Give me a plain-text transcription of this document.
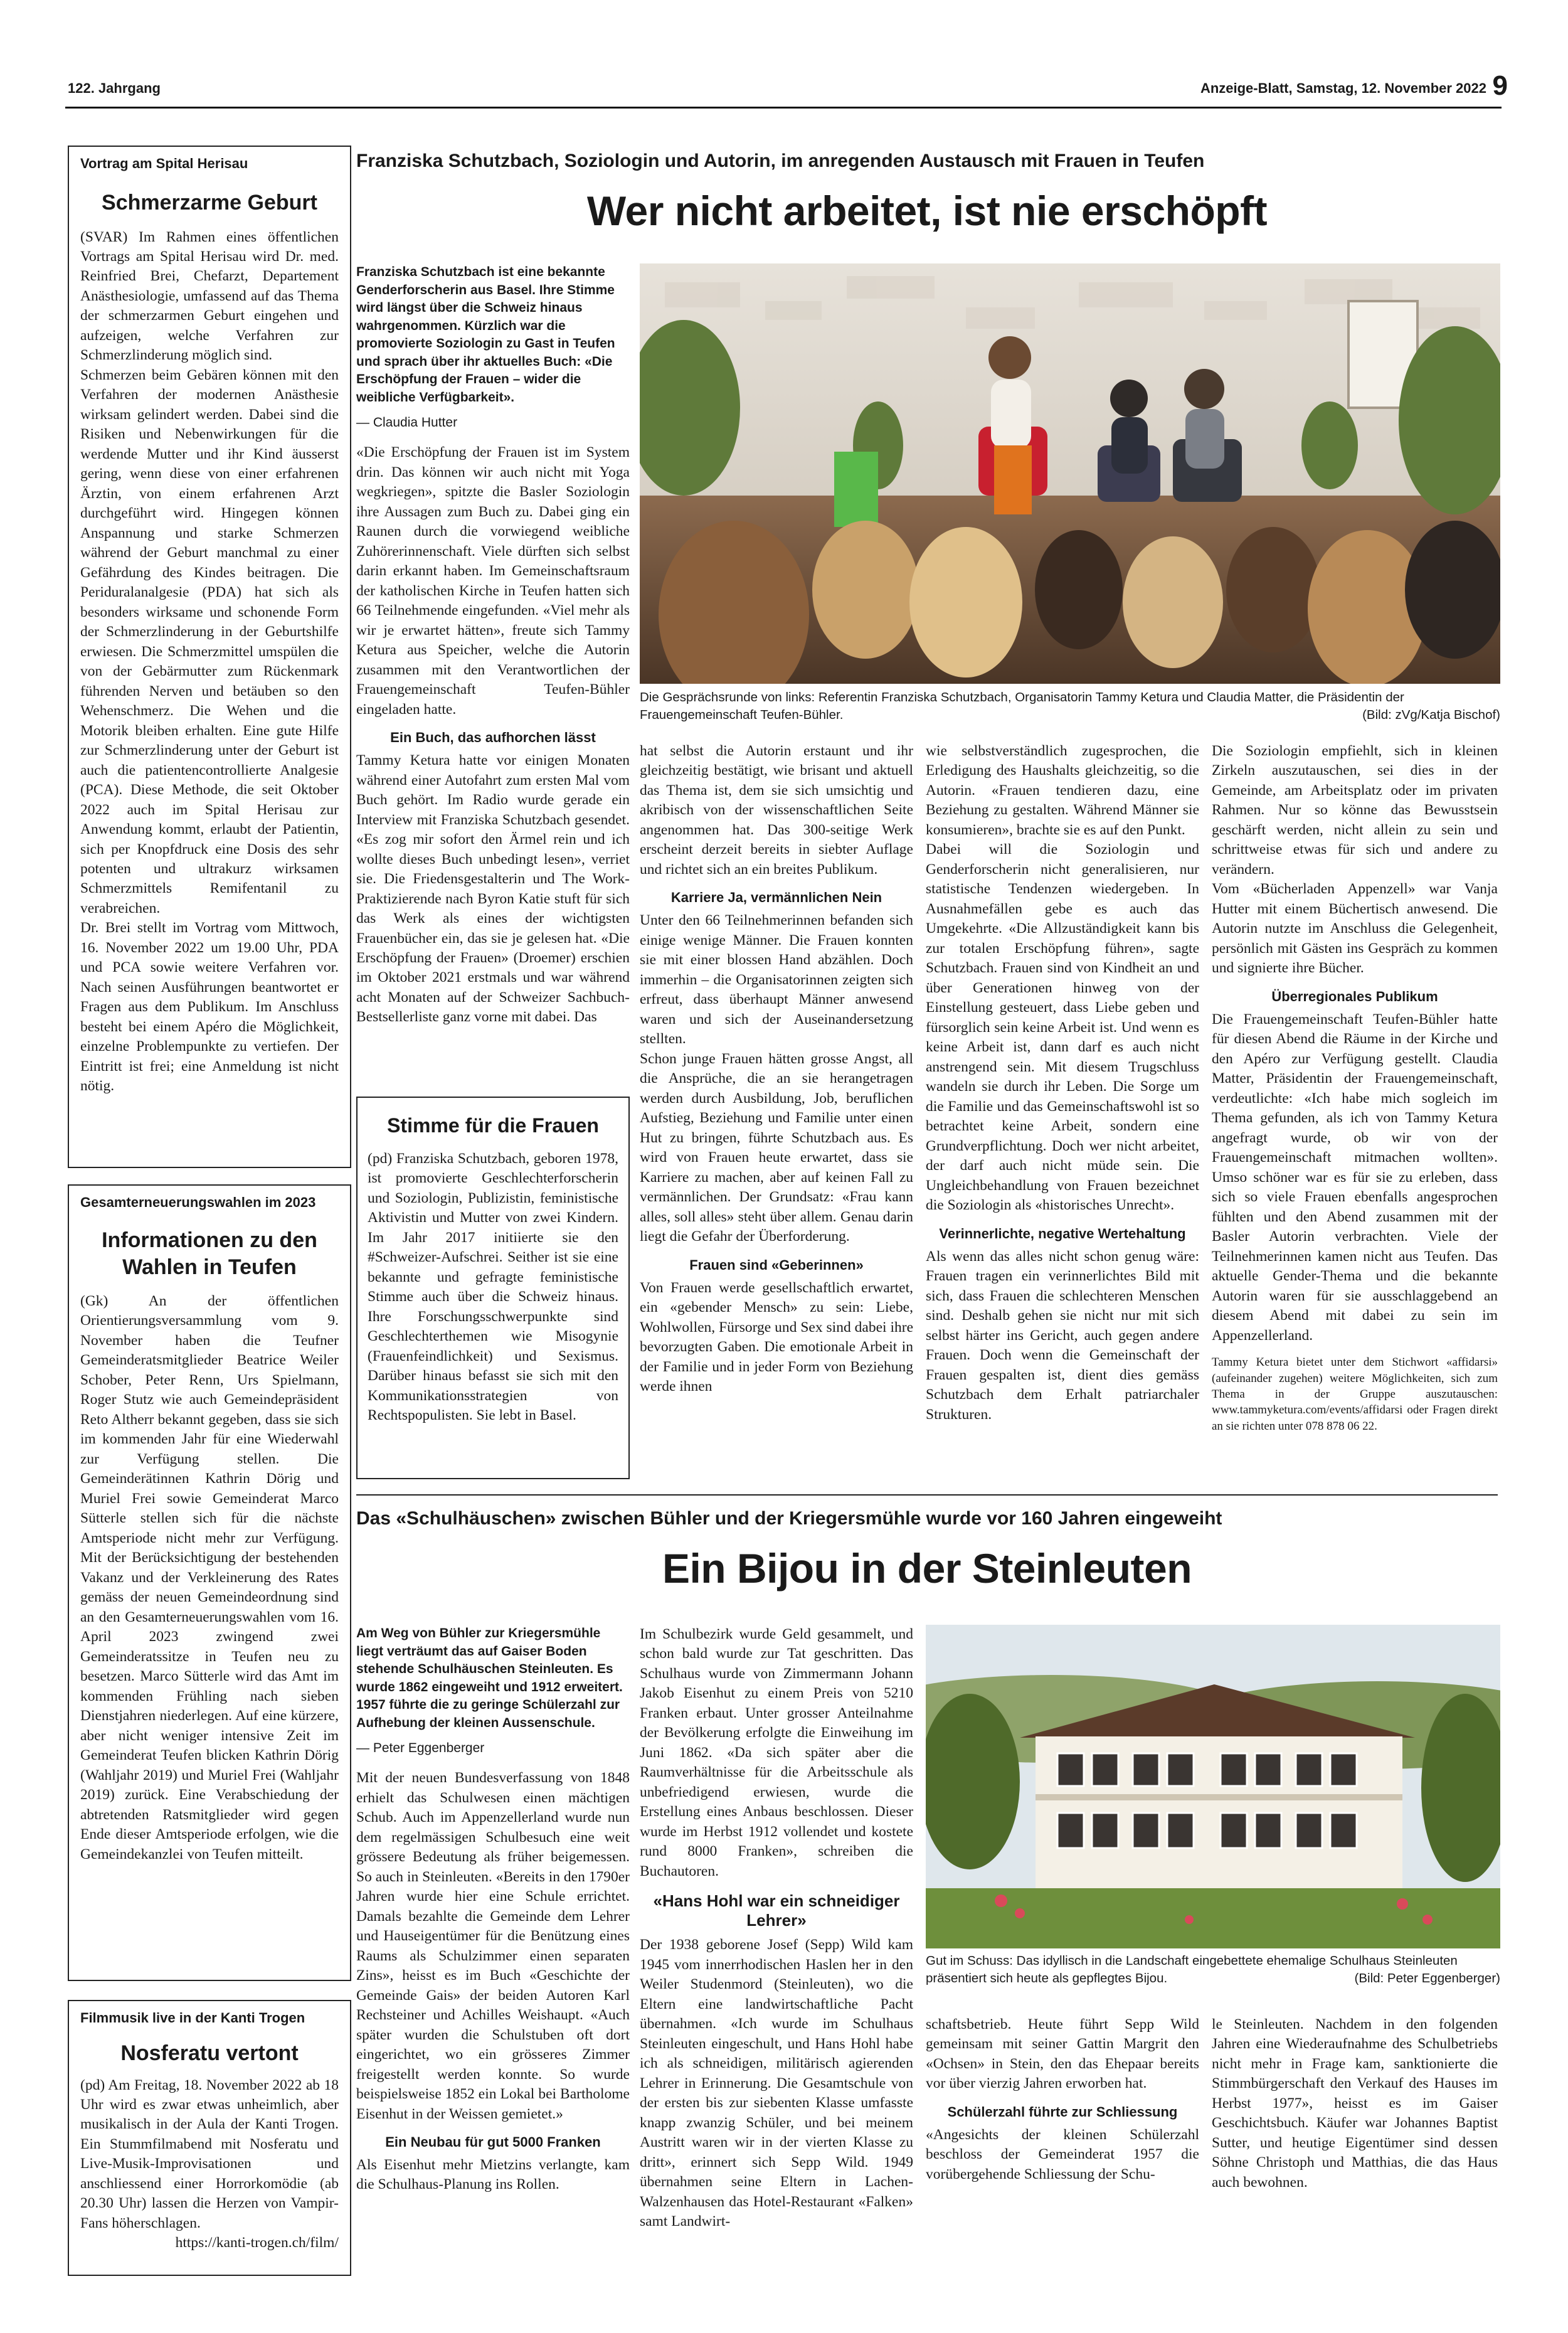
122. Jahrgang	Anzeige-Blatt, Samstag, 12. November 2022 9
Vortrag am Spital Herisau
Schmerzarme Geburt

(SVAR) Im Rahmen eines öffentlichen Vortrags am Spital Herisau wird Dr. med. Reinfried Brei, Chefarzt, Departement Anästhesiologie, umfassend auf das Thema der schmerzarmen Geburt eingehen und aufzeigen, welche Verfahren zur Schmerzlinderung möglich sind.

Schmerzen beim Gebären können mit den Verfahren der modernen Anästhesie wirksam gelindert werden. Dabei sind die Risiken und Nebenwirkungen für die werdende Mutter und ihr Kind äusserst gering, wenn diese von einer erfahrenen Ärztin, von einem erfahrenen Arzt durchgeführt wird. Hingegen können Anspannung und starke Schmerzen während der Geburt manchmal zu einer Gefährdung des Kindes beitragen. Die Periduralanalgesie (PDA) hat sich als besonders wirksame und schonende Form der Schmerzlinderung in der Geburtshilfe erwiesen. Die Schmerzmittel umspülen die von der Gebärmutter zum Rückenmark führenden Nerven und betäuben so den Wehenschmerz. Die Wehen und die Motorik bleiben erhalten. Eine gute Hilfe zur Schmerzlinderung unter der Geburt ist auch die patientencontrollierte Analgesie (PCA). Diese Methode, die seit Oktober 2022 auch im Spital Herisau zur Anwendung kommt, erlaubt der Patientin, sich per Knopfdruck eine Dosis des sehr potenten und ultrakurz wirksamen Schmerzmittels Remifentanil zu verabreichen.

Dr. Brei stellt im Vortrag vom Mittwoch, 16. November 2022 um 19.00 Uhr, PDA und PCA sowie weitere Verfahren vor. Nach seinen Ausführungen beantwortet er Fragen aus dem Publikum. Im Anschluss besteht bei einem Apéro die Möglichkeit, einzelne Problempunkte zu vertiefen. Der Eintritt ist frei; eine Anmeldung ist nicht nötig.

Gesamterneuerungswahlen im 2023
Informationen zu den Wahlen in Teufen

(Gk) An der öffentlichen Orientierungsversammlung vom 9. November haben die Teufner Gemeinderatsmitglieder Beatrice Weiler Schober, Peter Renn, Urs Spielmann, Roger Stutz wie auch Gemeindepräsident Reto Altherr bekannt gegeben, dass sie sich im kommenden Jahr für eine Wiederwahl zur Verfügung stellen. Die Gemeinderätinnen Kathrin Dörig und Muriel Frei sowie Gemeinderat Marco Sütterle stellen sich für die nächste Amtsperiode nicht mehr zur Verfügung. Mit der Berücksichtigung der bestehenden Vakanz und der Verkleinerung des Rates gemäss der neuen Gemeindeordnung sind an den Gesamterneuerungswahlen vom 16. April 2023 zwingend zwei Gemeinderatssitze in Teufen neu zu besetzen. Marco Sütterle wird das Amt im kommenden Frühling nach sieben Dienstjahren niederlegen. Auf eine kürzere, aber nicht weniger intensive Zeit im Gemeinderat Teufen blicken Kathrin Dörig (Wahljahr 2019) und Muriel Frei (Wahljahr 2019) zurück. Eine Verabschiedung der abtretenden Ratsmitglieder wird gegen Ende dieser Amtsperiode erfolgen, wie die Gemeindekanzlei von Teufen mitteilt.

Filmmusik live in der Kanti Trogen
Nosferatu vertont

(pd) Am Freitag, 18. November 2022 ab 18 Uhr wird es zwar etwas unheimlich, aber musikalisch in der Aula der Kanti Trogen. Ein Stummfilmabend mit Nosferatu und Live-Musik-Improvisationen und anschliessend einer Horrorkomödie (ab 20.30 Uhr) lassen die Herzen von Vampir-Fans höherschlagen.

https://kanti-trogen.ch/film/

Franziska Schutzbach, Soziologin und Autorin, im anregenden Austausch mit Frauen in Teufen
Wer nicht arbeitet, ist nie erschöpft
Franziska Schutzbach ist eine bekannte Genderforscherin aus Basel. Ihre Stimme wird längst über die Schweiz hinaus wahrgenommen. Kürzlich war die promovierte Soziologin zu Gast in Teufen und sprach über ihr aktuelles Buch: «Die Erschöpfung der Frauen – wider die weibliche Verfügbarkeit».
— Claudia Hutter

«Die Erschöpfung der Frauen ist im System drin. Das können wir auch nicht mit Yoga wegkriegen», spitzte die Basler Soziologin ihre Aussagen zum Buch zu. Dabei ging ein Raunen durch die vorwiegend weibliche Zuhörerinnenschaft. Viele dürften sich selbst darin erkannt haben. Im Gemeinschaftsraum der katholischen Kirche in Teufen hatten sich 66 Teilnehmende eingefunden. «Viel mehr als wir je erwartet hätten», freute sich Tammy Ketura aus Speicher, welche die Autorin zusammen mit den Verantwortlichen der Frauengemeinschaft Teufen-Bühler eingeladen hatte.

Ein Buch, das aufhorchen lässt

Tammy Ketura hatte vor einigen Monaten während einer Autofahrt zum ersten Mal vom Buch gehört. Im Radio wurde gerade ein Interview mit Franziska Schutzbach gesendet. «Es zog mir sofort den Ärmel rein und ich wollte dieses Buch unbedingt lesen», verriet sie. Die Friedensgestalterin und The Work-Praktizierende nach Byron Katie stuft für sich das Werk als eines der wichtigsten Frauenbücher ein, das sie je gelesen hat. «Die Erschöpfung der Frauen» (Droemer) erschien im Oktober 2021 erstmals und war während acht Monaten auf der Schweizer Sachbuch-Bestsellerliste ganz vorne mit dabei. Das

Die Gesprächsrunde von links: Referentin Franziska Schutzbach, Organisatorin Tammy Ketura und Claudia Matter, die Präsidentin der Frauengemeinschaft Teufen-Bühler.	(Bild: zVg/Katja Bischof)

hat selbst die Autorin erstaunt und ihr gleichzeitig bestätigt, wie brisant und aktuell das Thema ist, dem sie sich umsichtig und akribisch von der wissenschaftlichen Seite angenommen hat. Das 300-seitige Werk erscheint derzeit bereits in siebter Auflage und richtet sich an ein breites Publikum.

Karriere Ja, vermännlichen Nein

Unter den 66 Teilnehmerinnen befanden sich einige wenige Männer. Die Frauen konnten sie mit einer blossen Hand abzählen. Doch immerhin – die Organisatorinnen zeigten sich erfreut, dass überhaupt Männer anwesend waren und sich der Auseinandersetzung stellten.

Schon junge Frauen hätten grosse Angst, all die Ansprüche, die an sie herangetragen werden durch Ausbildung, Job, beruflichen Aufstieg, Beziehung und Familie unter einen Hut zu bringen, führte Schutzbach aus. Es wird von Frauen heute erwartet, dass sie Karriere zu machen, aber auf keinen Fall zu vermännlichen. Der Grundsatz: «Frau kann alles, soll alles» steht über allem. Genau darin liegt die Gefahr der Überforderung.

Frauen sind «Geberinnen»

Von Frauen werde gesellschaftlich erwartet, ein «gebender Mensch» zu sein: Liebe, Wohlwollen, Fürsorge und Sex sind dabei ihre bevorzugten Gaben. Die emotionale Arbeit in der Familie und in jeder Form von Beziehung werde ihnen

wie selbstverständlich zugesprochen, die Erledigung des Haushalts gleichzeitig, so die Autorin. «Frauen tendieren dazu, eine Beziehung zu gestalten. Während Männer sie konsumieren», brachte sie es auf den Punkt.

Dabei will die Soziologin und Genderforscherin nicht generalisieren, nur statistische Tendenzen wiedergeben. In Ausnahmefällen gebe es auch das Umgekehrte. «Die Allzuständigkeit kann bis zur totalen Erschöpfung führen», sagte Schutzbach. Frauen sind von Kindheit an und über Generationen hinweg von der Einstellung gesteuert, dass Liebe geben und fürsorglich sein keine Arbeit ist. Und wenn es keine Arbeit ist, dann darf es auch nicht anstrengend sein. Mit diesem Trugschluss wandeln sie durch ihr Leben. Die Sorge um die Familie und das Gemeinschaftswohl ist so betrachtet keine Arbeit, sondern eine Grundverpflichtung. Doch wer nicht arbeitet, der darf auch nicht müde sein. Die Ungleichbehandlung von Frauen bezeichnet die Soziologin als «historisches Unrecht».

Verinnerlichte, negative Wertehaltung

Als wenn das alles nicht schon genug wäre: Frauen tragen ein verinnerlichtes Bild mit sich, dass Frauen die schlechteren Menschen sind. Deshalb gehen sie nicht nur mit sich selbst härter ins Gericht, auch gegen andere Frauen. Doch wenn die Gemeinschaft der Frauen gespalten ist, dient dies gemäss Schutzbach dem Erhalt patriarchaler Strukturen.

Die Soziologin empfiehlt, sich in kleinen Zirkeln auszutauschen, sei dies in der Gemeinde, am Arbeitsplatz oder im privaten Rahmen. Nur so könne das Bewusstsein geschärft werden, nicht allein zu sein und schrittweise etwas für sich und andere zu verändern.

Vom «Bücherladen Appenzell» war Vanja Hutter mit einem Büchertisch anwesend. Die Autorin nutzte im Anschluss die Gelegenheit, persönlich mit Gästen ins Gespräch zu kommen und signierte ihre Bücher.

Überregionales Publikum

Die Frauengemeinschaft Teufen-Bühler hatte für diesen Abend die Räume in der Kirche und den Apéro zur Verfügung gestellt. Claudia Matter, Präsidentin der Frauengemeinschaft, verdeutlichte: «Ich habe mich sogleich im Thema gefunden, als ich von Tammy Ketura angefragt wurde, ob wir von der Frauengemeinschaft mitmachen wollten». Umso schöner war es für sie zu erleben, dass sich so viele Frauen ebenfalls angesprochen fühlten und den Abend zusammen mit der Basler Autorin verbrachten. Viele der Teilnehmerinnen kamen nicht aus Teufen. Das aktuelle Gender-Thema und die bekannte Autorin waren für sie ausschlaggebend an diesem Abend mit dabei zu sein im Appenzellerland.

Tammy Ketura bietet unter dem Stichwort «affidarsi» (aufeinander zugehen) weitere Möglichkeiten, sich zum Thema in der Gruppe auszutauschen: www.tammyketura.com/events/affidarsi oder Fragen direkt an sie richten unter 078 878 06 22.
Stimme für die Frauen

(pd) Franziska Schutzbach, geboren 1978, ist promovierte Geschlechterforscherin und Soziologin, Publizistin, feministische Aktivistin und Mutter von zwei Kindern. Im Jahr 2017 initiierte sie den #Schweizer-Aufschrei. Seither ist sie eine bekannte und gefragte feministische Stimme auch über die Schweiz hinaus. Ihre Forschungsschwerpunkte sind Geschlechterthemen wie Misogynie (Frauenfeindlichkeit) und Sexismus. Darüber hinaus befasst sie sich mit den Kommunikationsstrategien von Rechtspopulisten. Sie lebt in Basel.

Das «Schulhäuschen» zwischen Bühler und der Kriegersmühle wurde vor 160 Jahren eingeweiht
Ein Bijou in der Steinleuten
Am Weg von Bühler zur Kriegersmühle liegt verträumt das auf Gaiser Boden stehende Schulhäuschen Steinleuten. Es wurde 1862 eingeweiht und 1912 erweitert. 1957 führte die zu geringe Schülerzahl zur Aufhebung der kleinen Aussenschule.
— Peter Eggenberger

Mit der neuen Bundesverfassung von 1848 erhielt das Schulwesen einen mächtigen Schub. Auch im Appenzellerland wurde nun dem regelmässigen Schulbesuch eine weit grössere Bedeutung als früher beigemessen. So auch in Steinleuten. «Bereits in den 1790er Jahren wurde hier eine Schule errichtet. Damals bezahlte die Gemeinde dem Lehrer und Hauseigentümer für die Benützung eines Raums als Schulzimmer einen separaten Zins», heisst es im Buch «Geschichte der Gemeinde Gais» der beiden Autoren Karl Rechsteiner und Achilles Weishaupt. «Auch später wurden die Schulstuben oft dort eingerichtet, wo ein grösseres Zimmer freigestellt werden konnte. So wurde beispielsweise 1852 ein Lokal bei Bartholome Eisenhut in der Weissen gemietet.»

Ein Neubau für gut 5000 Franken

Als Eisenhut mehr Mietzins verlangte, kam die Schulhaus-Planung ins Rollen.

Im Schulbezirk wurde Geld gesammelt, und schon bald wurde zur Tat geschritten. Das Schulhaus wurde von Zimmermann Johann Jakob Eisenhut zu einem Preis von 5210 Franken erbaut. Unter grosser Anteilnahme der Bevölkerung erfolgte die Einweihung im Juni 1862. «Da sich später aber die Raumverhältnisse für die Arbeitsschule als unbefriedigend erwiesen, wurde die Erstellung eines Anbaus beschlossen. Dieser wurde im Herbst 1912 vollendet und kostete rund 8000 Franken», schreiben die Buchautoren.

«Hans Hohl war ein schneidiger Lehrer»

Der 1938 geborene Josef (Sepp) Wild kam 1945 vom innerrhodischen Haslen her in den Weiler Studenmord (Steinleuten), wo die Eltern eine landwirtschaftliche Pacht übernahmen. «Ich wurde im Schulhaus Steinleuten eingeschult, und Hans Hohl habe ich als schneidigen, militärisch agierenden Lehrer in Erinnerung. Die Gesamtschule von der ersten bis zur siebenten Klasse umfasste knapp zwanzig Schüler, und bei meinem Austritt waren wir in der vierten Klasse zu dritt», erinnert sich Sepp Wild. 1949 übernahmen seine Eltern in Lachen-Walzenhausen das Hotel-Restaurant «Falken» samt Landwirt-

Gut im Schuss: Das idyllisch in die Landschaft eingebettete ehemalige Schulhaus Steinleuten präsentiert sich heute als gepflegtes Bijou.	(Bild: Peter Eggenberger)

schaftsbetrieb. Heute führt Sepp Wild gemeinsam mit seiner Gattin Margrit den «Ochsen» in Stein, den das Ehepaar bereits vor über vierzig Jahren erworben hat.

Schülerzahl führte zur Schliessung

«Angesichts der kleinen Schülerzahl beschloss der Gemeinderat 1957 die vorübergehende Schliessung der Schu-

le Steinleuten. Nachdem in den folgenden Jahren eine Wiederaufnahme des Schulbetriebs nicht mehr in Frage kam, sanktionierte die Stimmbürgerschaft den Verkauf des Hauses im Herbst 1977», heisst es im Gaiser Geschichtsbuch. Käufer war Johannes Baptist Sutter, und heutige Eigentümer sind dessen Söhne Christoph und Matthias, die das Haus auch bewohnen.
